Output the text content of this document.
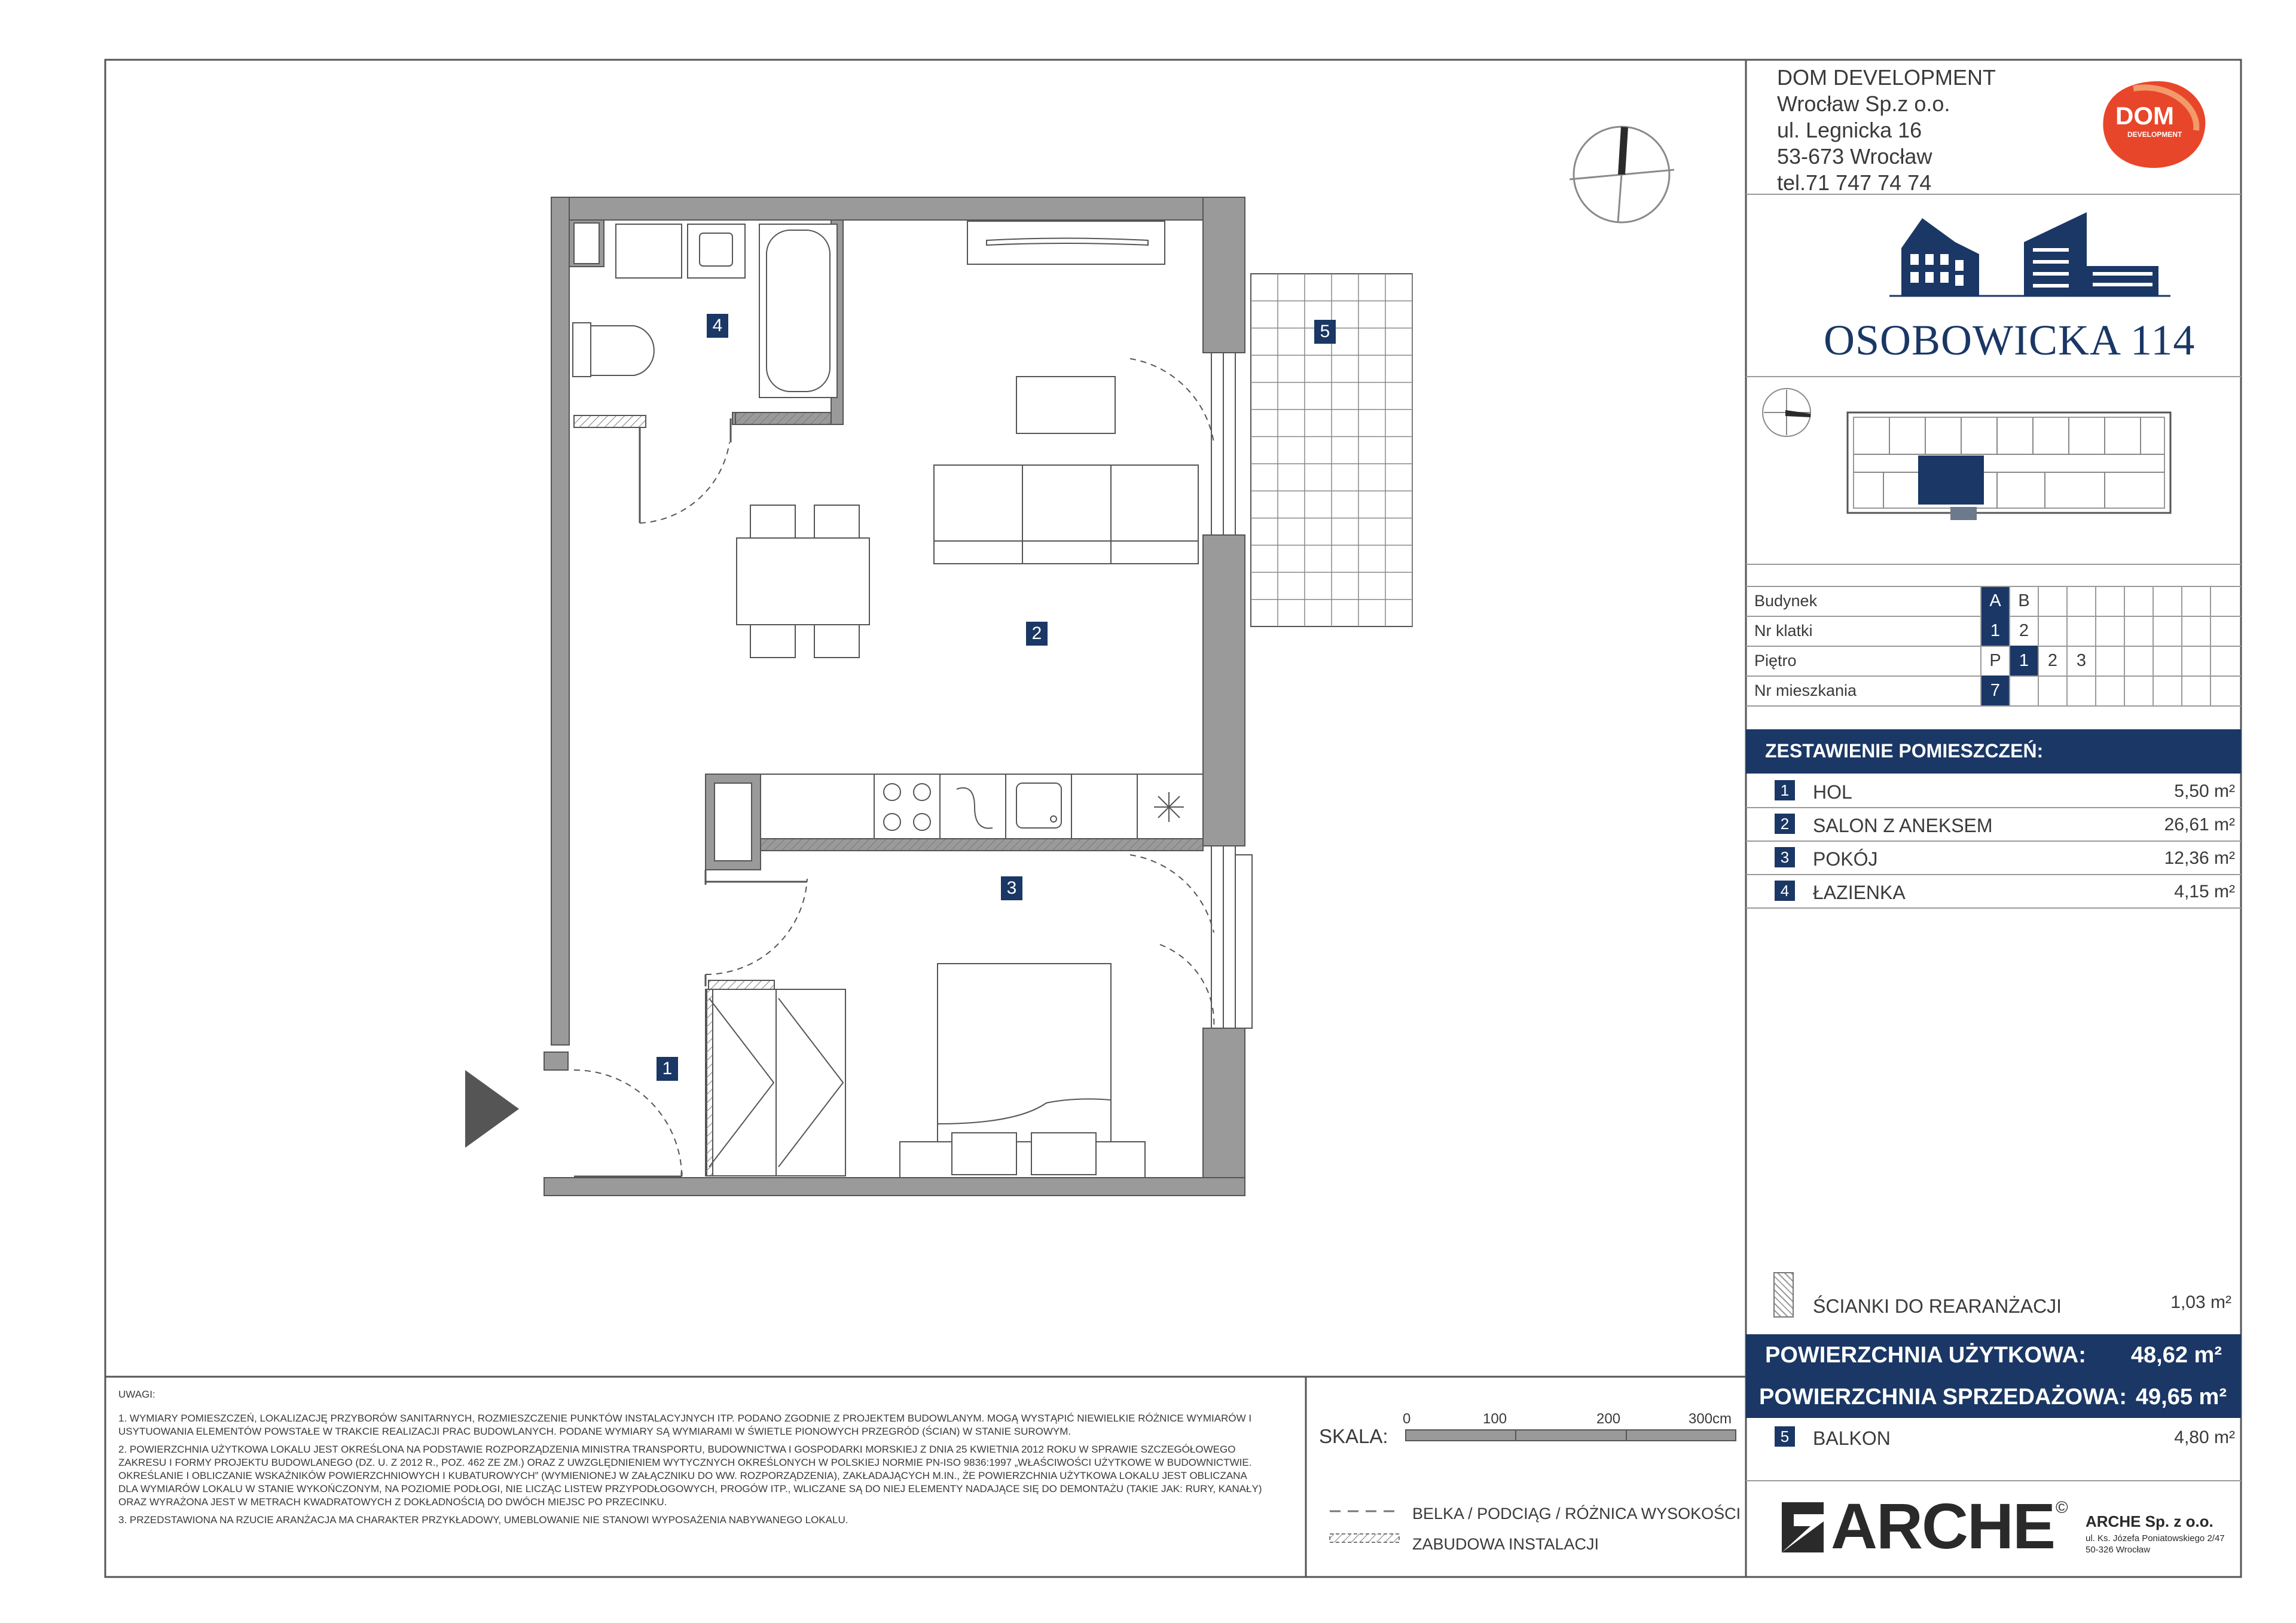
DOM
DEVELOPMENT
DOM DEVELOPMENT
Wrocław Sp.z o.o.
ul. Legnicka 16
53-673 Wrocław
tel.71 747 74 74
OSOBOWICKA 114
Budynek	A B
Nr klatki	1	2
Piętro	P	1	2	3
Nr mieszkania	7
ZESTAWIENIE POMIESZCZEŃ:
1	HOL	5,50 m²
2	SALON Z ANEKSEM	26,61 m²
3	POKÓJ	12,36 m²
4	ŁAZIENKA	4,15 m²
ŚCIANKI DO REARANŻACJI	1,03 m²
POWIERZCHNIA UŻYTKOWA: 48,62 m²
POWIERZCHNIA SPRZEDAŻOWA: 49,65 m²
5	BALKON	4,80 m²
UWAGI:
1. WYMIARY POMIESZCZEŃ, LOKALIZACJĘ PRZYBORÓW SANITARNYCH, ROZMIESZCZENIE PUNKTÓW INSTALACYJNYCH ITP. PODANO ZGODNIE Z PROJEKTEM BUDOWLANYM. MOGĄ WYSTĄPIĆ NIEWIELKIE RÓŻNICE WYMIARÓW I USYTUOWANIA ELEMENTÓW POWSTAŁE W TRAKCIE REALIZACJI PRAC BUDOWLANYCH. PODANE WYMIARY SĄ WYMIARAMI W ŚWIETLE PIONOWYCH PRZEGRÓD (ŚCIAN) W STANIE SUROWYM.
2. POWIERZCHNIA UŻYTKOWA LOKALU JEST OKREŚLONA NA PODSTAWIE ROZPORZĄDZENIA MINISTRA TRANSPORTU, BUDOWNICTWA I GOSPODARKI MORSKIEJ Z DNIA 25 KWIETNIA 2012 ROKU W SPRAWIE SZCZEGÓŁOWEGO ZAKRESU I FORMY PROJEKTU BUDOWLANEGO (DZ. U. Z 2012 R., POZ. 462 ZE ZM.) ORAZ Z UWZGLĘDNIENIEM WYTYCZNYCH OKREŚLONYCH W POLSKIEJ NORMIE PN-ISO 9836:1997 „WŁAŚCIWOŚCI UŻYTKOWE W BUDOWNICTWIE. OKREŚLANIE I OBLICZANIE WSKAŹNIKÓW POWIERZCHNIOWYCH I KUBATUROWYCH” (WYMIENIONEJ W ZAŁĄCZNIKU DO WW. ROZPORZĄDZENIA), ZAKŁADAJĄCYCH M.IN., ŻE POWIERZCHNIA UŻYTKOWA LOKALU JEST OBLICZANA DLA WYMIARÓW LOKALU W STANIE WYKOŃCZONYM, NA POZIOMIE PODŁOGI, NIE LICZĄC LISTEW PRZYPODŁOGOWYCH, PROGÓW ITP., WLICZANE SĄ DO NIEJ ELEMENTY NADAJĄCE SIĘ DO DEMONTAŻU (TAKIE JAK: RURY, KANAŁY) ORAZ WYRAŻONA JEST W METRACH KWADRATOWYCH Z DOKŁADNOŚCIĄ DO DWÓCH MIEJSC PO PRZECINKU.
3. PRZEDSTAWIONA NA RZUCIE ARANŻACJA MA CHARAKTER PRZYKŁADOWY, UMEBLOWANIE NIE STANOWI WYPOSAŻENIA NABYWANEGO LOKALU.
SKALA:
0	100	200	300cm
BELKA / PODCIĄG / RÓŻNICA WYSOKOŚCI
ZABUDOWA INSTALACJI	ARCHE ©
ARCHE Sp. z o.o.
ul. Ks. Józefa Poniatowskiego 2/47
50-326 Wrocław
4	5
2
3
1
